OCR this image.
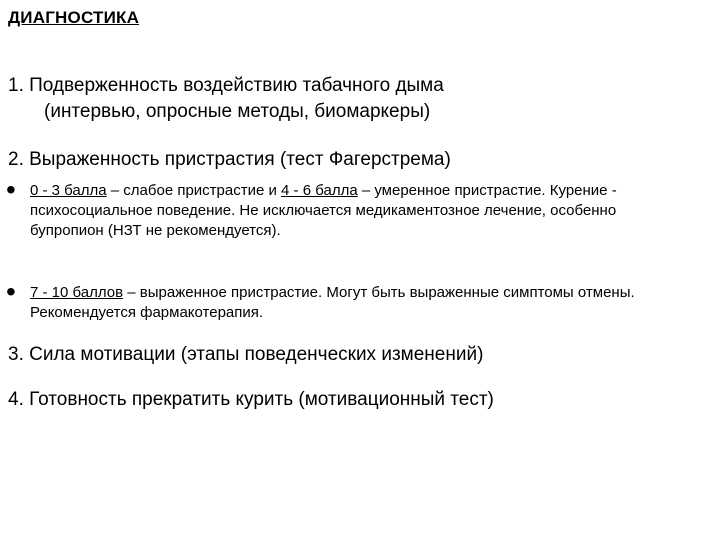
ДИАГНОСТИКА
1. Подверженность воздействию табачного дыма
(интервью, опросные методы, биомаркеры)
2. Выраженность пристрастия (тест Фагерстрема)
• 0 - 3 балла – слабое пристрастие и 4 - 6 балла – умеренное пристрастие. Курение - психосоциальное поведение. Не исключается медикаментозное лечение, особенно бупропион (НЗТ не рекомендуется).
• 7 - 10 баллов – выраженное пристрастие. Могут быть выраженные симптомы отмены. Рекомендуется фармакотерапия.
3. Сила мотивации (этапы поведенческих изменений)
4. Готовность прекратить курить (мотивационный тест)
